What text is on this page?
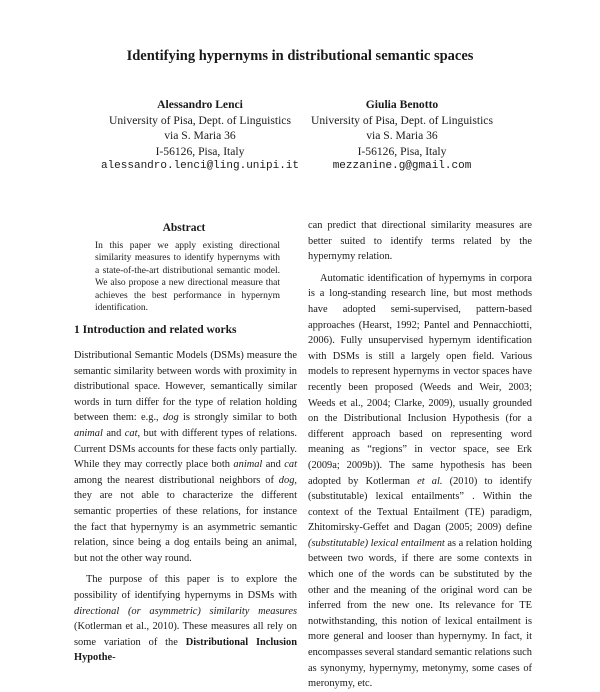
Identifying hypernyms in distributional semantic spaces
Alessandro Lenci
University of Pisa, Dept. of Linguistics
via S. Maria 36
I-56126, Pisa, Italy
alessandro.lenci@ling.unipi.it
Giulia Benotto
University of Pisa, Dept. of Linguistics
via S. Maria 36
I-56126, Pisa, Italy
mezzanine.g@gmail.com
Abstract
In this paper we apply existing directional similarity measures to identify hypernyms with a state-of-the-art distributional semantic model. We also propose a new directional measure that achieves the best performance in hypernym identification.
1 Introduction and related works

Distributional Semantic Models (DSMs) measure the semantic similarity between words with proximity in distributional space. However, semantically similar words in turn differ for the type of relation holding between them: e.g., dog is strongly similar to both animal and cat, but with different types of relations. Current DSMs accounts for these facts only partially. While they may correctly place both animal and cat among the nearest distributional neighbors of dog, they are not able to characterize the different semantic properties of these relations, for instance the fact that hypernymy is an asymmetric semantic relation, since being a dog entails being an animal, but not the other way round.

The purpose of this paper is to explore the possibility of identifying hypernyms in DSMs with directional (or asymmetric) similarity measures (Kotlerman et al., 2010). These measures all rely on some variation of the Distributional Inclusion Hypothe-

can predict that directional similarity measures are better suited to identify terms related by the hypernymy relation.

Automatic identification of hypernyms in corpora is a long-standing research line, but most methods have adopted semi-supervised, pattern-based approaches (Hearst, 1992; Pantel and Pennacchiotti, 2006). Fully unsupervised hypernym identification with DSMs is still a largely open field. Various models to represent hypernyms in vector spaces have recently been proposed (Weeds and Weir, 2003; Weeds et al., 2004; Clarke, 2009), usually grounded on the Distributional Inclusion Hypothesis (for a different approach based on representing word meaning as “regions” in vector space, see Erk (2009a; 2009b)). The same hypothesis has been adopted by Kotlerman et al. (2010) to identify (substitutable) lexical entailments” . Within the context of the Textual Entailment (TE) paradigm, Zhitomirsky-Geffet and Dagan (2005; 2009) define (substitutable) lexical entailment as a relation holding between two words, if there are some contexts in which one of the words can be substituted by the other and the meaning of the original word can be inferred from the new one. Its relevance for TE notwithstanding, this notion of lexical entailment is more general and looser than hypernymy. In fact, it encompasses several standard semantic relations such as synonymy, hypernymy, metonymy, some cases of meronymy, etc.
